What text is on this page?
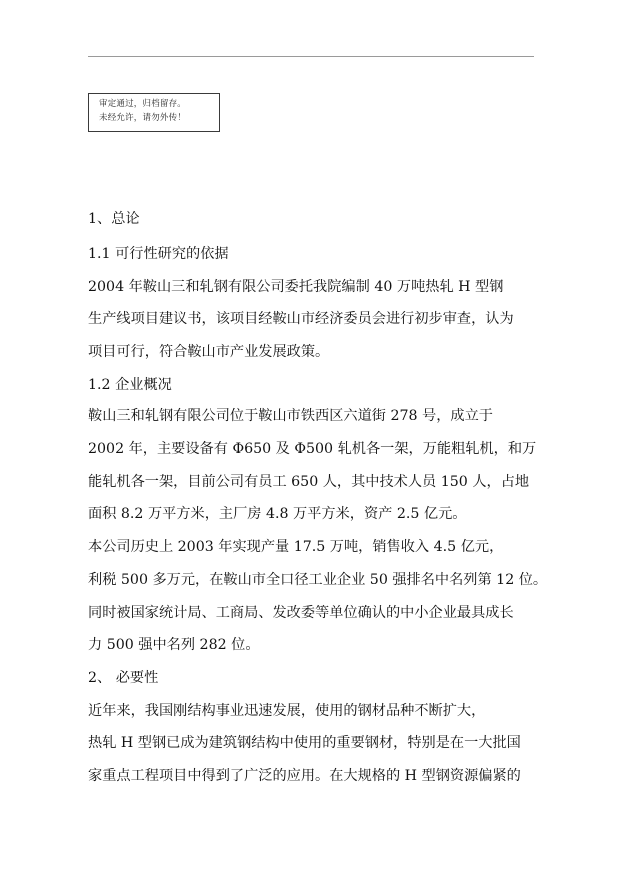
审定通过，归档留存。
未经允许，请勿外传！
1、总论
1.1 可行性研究的依据
2004 年鞍山三和轧钢有限公司委托我院编制 40 万吨热轧 H 型钢
生产线项目建议书，该项目经鞍山市经济委员会进行初步审查，认为
项目可行，符合鞍山市产业发展政策。
1.2 企业概况
鞍山三和轧钢有限公司位于鞍山市铁西区六道街 278 号，成立于
2002 年，主要设备有 Φ650 及 Φ500 轧机各一架，万能粗轧机，和万
能轧机各一架，目前公司有员工 650 人，其中技术人员 150 人，占地
面积 8.2 万平方米，主厂房 4.8 万平方米，资产 2.5 亿元。
本公司历史上 2003 年实现产量 17.5 万吨，销售收入 4.5 亿元，
利税 500 多万元，在鞍山市全口径工业企业 50 强排名中名列第 12 位。
同时被国家统计局、工商局、发改委等单位确认的中小企业最具成长
力 500 强中名列 282 位。
2、 必要性
近年来，我国刚结构事业迅速发展，使用的钢材品种不断扩大，
热轧 H 型钢已成为建筑钢结构中使用的重要钢材，特别是在一大批国
家重点工程项目中得到了广泛的应用。在大规格的 H 型钢资源偏紧的
